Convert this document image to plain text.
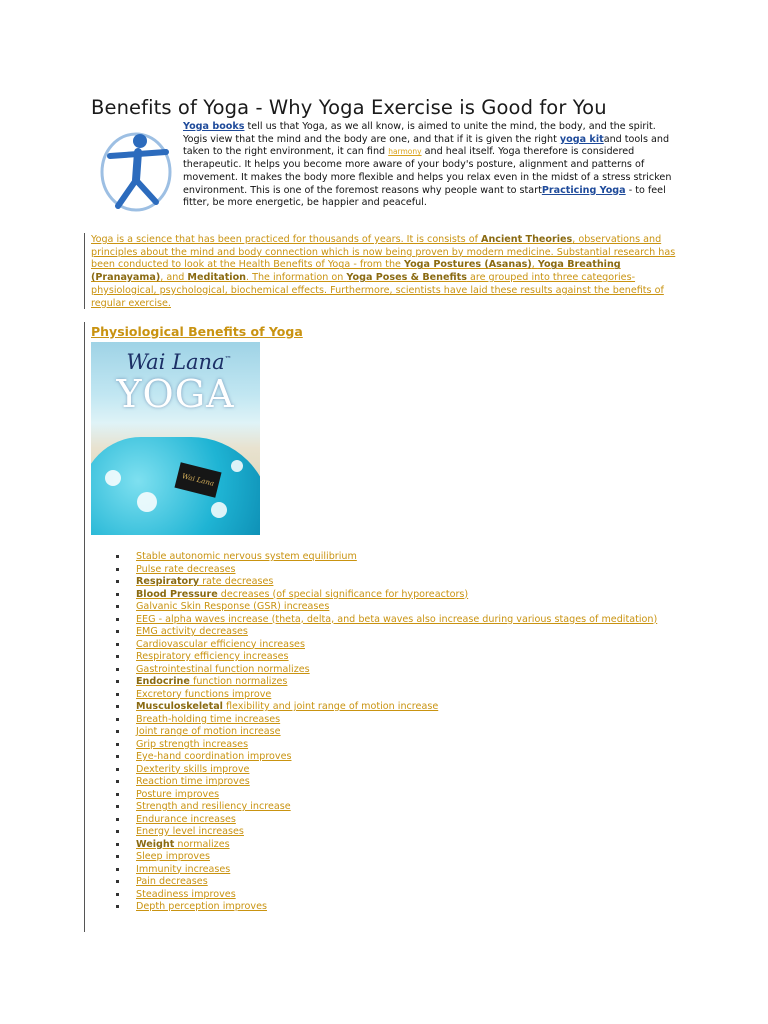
Benefits of Yoga - Why Yoga Exercise is Good for You

Yoga books tell us that Yoga, as we all know, is aimed to unite the mind, the body, and the spirit. Yogis view that the mind and the body are one, and that if it is given the right yoga kitand tools and taken to the right environment, it can find harmony and heal itself. Yoga therefore is considered therapeutic. It helps you become more aware of your body's posture, alignment and patterns of movement. It makes the body more flexible and helps you relax even in the midst of a stress stricken environment. This is one of the foremost reasons why people want to startPracticing Yoga - to feel fitter, be more energetic, be happier and peaceful.

Yoga is a science that has been practiced for thousands of years. It is consists of Ancient Theories, observations and principles about the mind and body connection which is now being proven by modern medicine. Substantial research has been conducted to look at the Health Benefits of Yoga - from the Yoga Postures (Asanas), Yoga Breathing (Pranayama), and Meditation. The information on Yoga Poses & Benefits are grouped into three categories-physiological, psychological, biochemical effects. Furthermore, scientists have laid these results against the benefits of regular exercise.

Physiological Benefits of Yoga
Wai Lana™
YOGA
Wai Lana
Stable autonomic nervous system equilibrium
Pulse rate decreases
Respiratory rate decreases
Blood Pressure decreases (of special significance for hyporeactors)
Galvanic Skin Response (GSR) increases
EEG - alpha waves increase (theta, delta, and beta waves also increase during various stages of meditation)
EMG activity decreases
Cardiovascular efficiency increases
Respiratory efficiency increases
Gastrointestinal function normalizes
Endocrine function normalizes
Excretory functions improve
Musculoskeletal flexibility and joint range of motion increase
Breath-holding time increases
Joint range of motion increase
Grip strength increases
Eye-hand coordination improves
Dexterity skills improve
Reaction time improves
Posture improves
Strength and resiliency increase
Endurance increases
Energy level increases
Weight normalizes
Sleep improves
Immunity increases
Pain decreases
Steadiness improves
Depth perception improves
